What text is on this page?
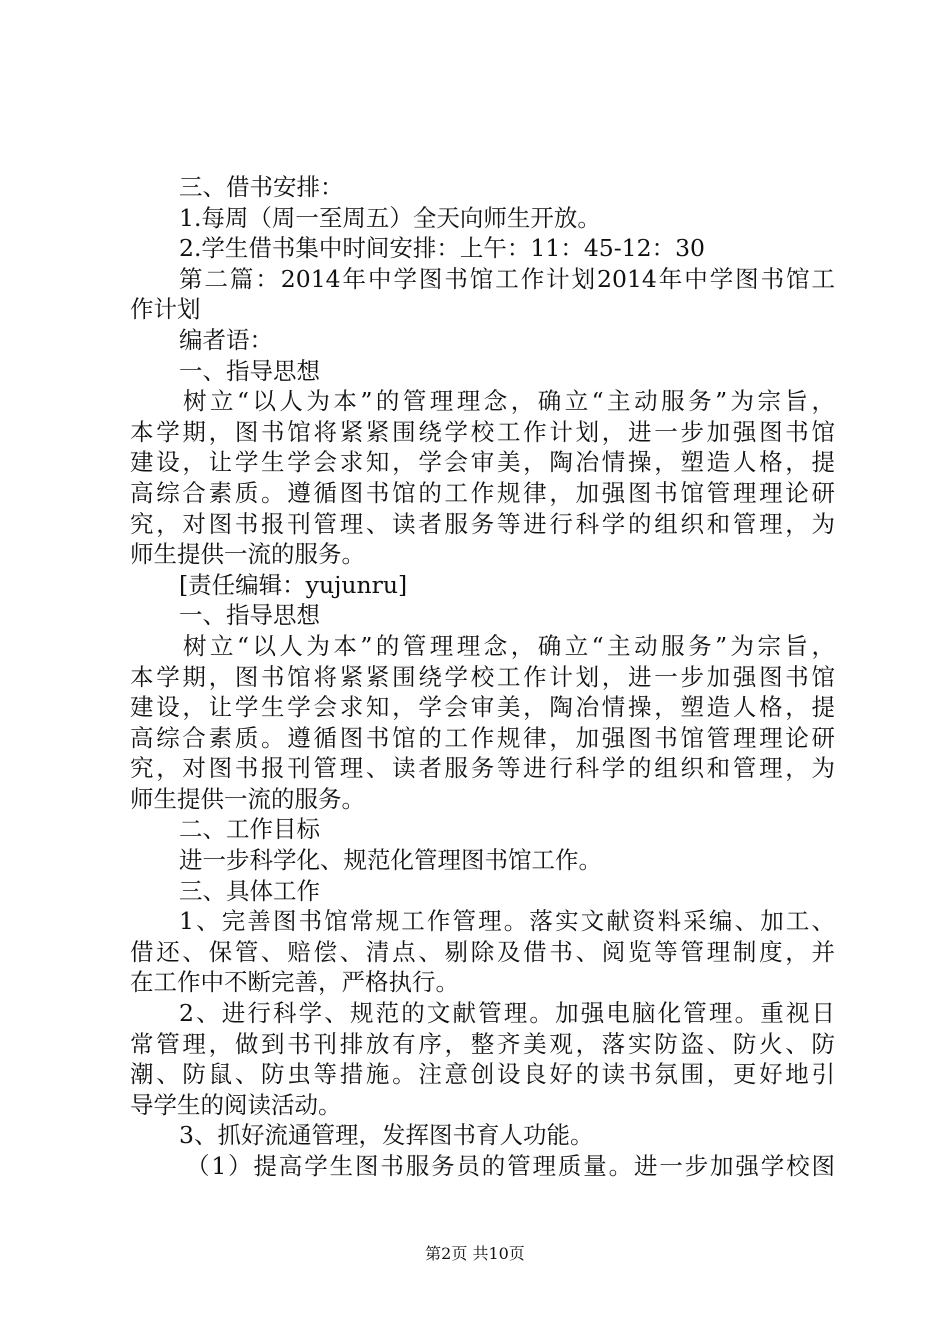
三、借书安排：
1.每周（周一至周五）全天向师生开放。
2.学生借书集中时间安排：上午：11：45-12：30
第二篇：2014年中学图书馆工作计划2014年中学图书馆工
作计划
编者语：
一、指导思想
树立“以人为本”的管理理念，确立“主动服务”为宗旨，
本学期，图书馆将紧紧围绕学校工作计划，进一步加强图书馆
建设，让学生学会求知，学会审美，陶冶情操，塑造人格，提
高综合素质。遵循图书馆的工作规律，加强图书馆管理理论研
究，对图书报刊管理、读者服务等进行科学的组织和管理，为
师生提供一流的服务。
[责任编辑：yujunru]
一、指导思想
树立“以人为本”的管理理念，确立“主动服务”为宗旨，
本学期，图书馆将紧紧围绕学校工作计划，进一步加强图书馆
建设，让学生学会求知，学会审美，陶冶情操，塑造人格，提
高综合素质。遵循图书馆的工作规律，加强图书馆管理理论研
究，对图书报刊管理、读者服务等进行科学的组织和管理，为
师生提供一流的服务。
二、工作目标
进一步科学化、规范化管理图书馆工作。
三、具体工作
1、完善图书馆常规工作管理。落实文献资料采编、加工、
借还、保管、赔偿、清点、剔除及借书、阅览等管理制度，并
在工作中不断完善，严格执行。
2、进行科学、规范的文献管理。加强电脑化管理。重视日
常管理，做到书刊排放有序，整齐美观，落实防盗、防火、防
潮、防鼠、防虫等措施。注意创设良好的读书氛围，更好地引
导学生的阅读活动。
3、抓好流通管理，发挥图书育人功能。
（1）提高学生图书服务员的管理质量。进一步加强学校图
第2页 共10页
